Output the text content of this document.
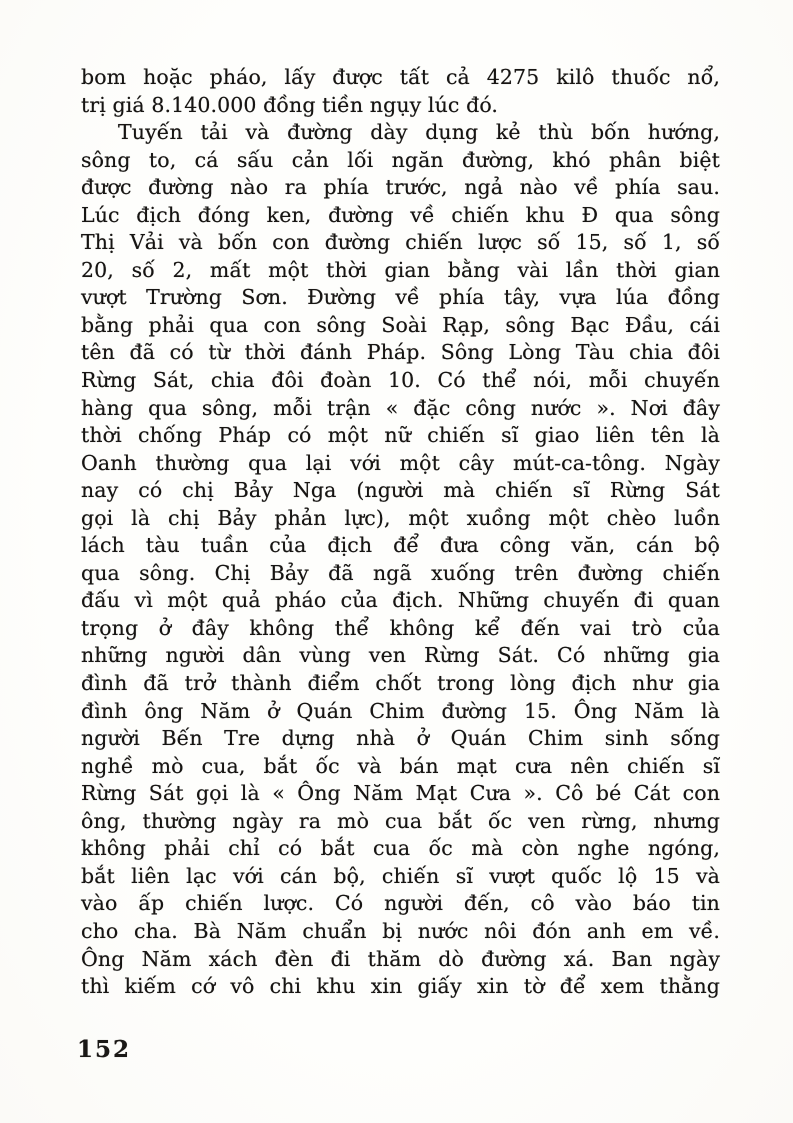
bom hoặc pháo, lấy được tất cả 4275 kilô thuốc nổ,
trị giá 8.140.000 đồng tiền ngụy lúc đó.
Tuyến tải và đường dày dụng kẻ thù bốn hướng,
sông to, cá sấu cản lối ngăn đường, khó phân biệt
được đường nào ra phía trước, ngả nào về phía sau.
Lúc địch đóng ken, đường về chiến khu Đ qua sông
Thị Vải và bốn con đường chiến lược số 15, số 1, số
20, số 2, mất một thời gian bằng vài lần thời gian
vượt Trường Sơn. Đường về phía tây, vựa lúa đồng
bằng phải qua con sông Soài Rạp, sông Bạc Đầu, cái
tên đã có từ thời đánh Pháp. Sông Lòng Tàu chia đôi
Rừng Sát, chia đôi đoàn 10. Có thể nói, mỗi chuyến
hàng qua sông, mỗi trận « đặc công nước ». Nơi đây
thời chống Pháp có một nữ chiến sĩ giao liên tên là
Oanh thường qua lại với một cây mút-ca-tông. Ngày
nay có chị Bảy Nga (người mà chiến sĩ Rừng Sát
gọi là chị Bảy phản lực), một xuồng một chèo luồn
lách tàu tuần của địch để đưa công văn, cán bộ
qua sông. Chị Bảy đã ngã xuống trên đường chiến
đấu vì một quả pháo của địch. Những chuyến đi quan
trọng ở đây không thể không kể đến vai trò của
những người dân vùng ven Rừng Sát. Có những gia
đình đã trở thành điểm chốt trong lòng địch như gia
đình ông Năm ở Quán Chim đường 15. Ông Năm là
người Bến Tre dựng nhà ở Quán Chim sinh sống
nghề mò cua, bắt ốc và bán mạt cưa nên chiến sĩ
Rừng Sát gọi là « Ông Năm Mạt Cưa ». Cô bé Cát con
ông, thường ngày ra mò cua bắt ốc ven rừng, nhưng
không phải chỉ có bắt cua ốc mà còn nghe ngóng,
bắt liên lạc với cán bộ, chiến sĩ vượt quốc lộ 15 và
vào ấp chiến lược. Có người đến, cô vào báo tin
cho cha. Bà Năm chuẩn bị nước nôi đón anh em về.
Ông Năm xách đèn đi thăm dò đường xá. Ban ngày
thì kiếm cớ vô chi khu xin giấy xin tờ để xem thằng
152
